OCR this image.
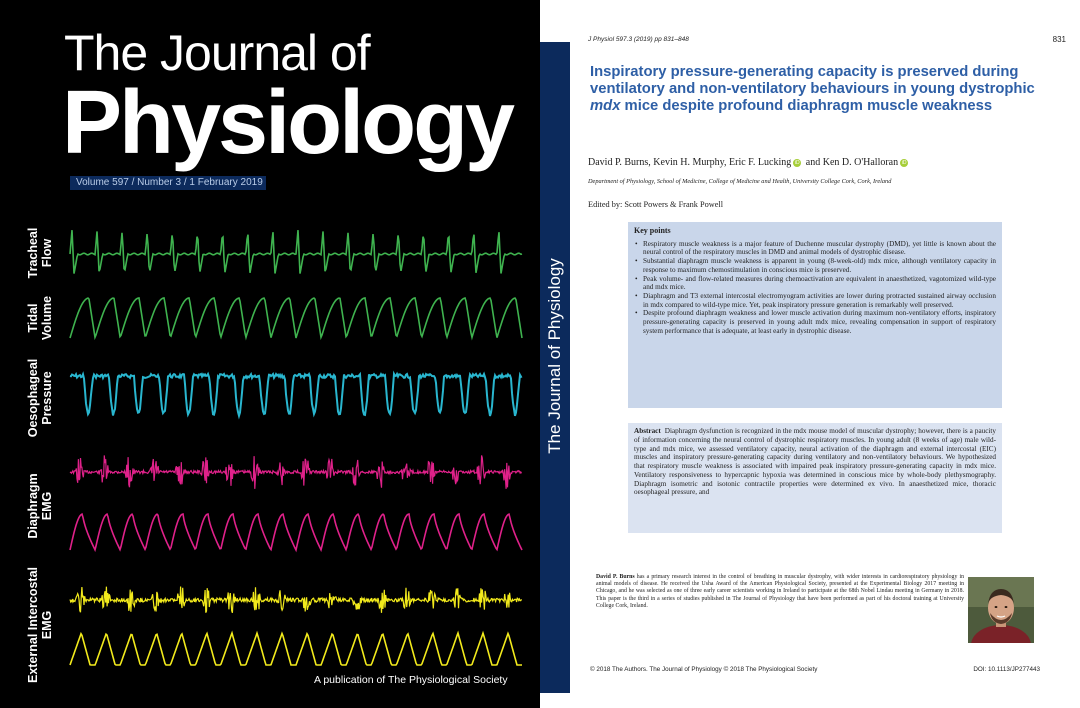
The Journal of
Physiology
Volume 597 / Number 3 / 1 February 2019
Tracheal Flow
Tidal Volume
Oesophageal Pressure
Diaphragm EMG
External Intercostal EMG
A publication of The Physiological Society
The Journal of Physiology
J Physiol 597.3 (2019) pp 831–848	831
Inspiratory pressure-generating capacity is preserved during ventilatory and non-ventilatory behaviours in young dystrophic mdx mice despite profound diaphragm muscle weakness
David P. Burns, Kevin H. Murphy, Eric F. Lucking iD and Ken D. O'Halloran iD
Department of Physiology, School of Medicine, College of Medicine and Health, University College Cork, Cork, Ireland
Edited by: Scott Powers & Frank Powell
Key points
• Respiratory muscle weakness is a major feature of Duchenne muscular dystrophy (DMD), yet little is known about the neural control of the respiratory muscles in DMD and animal models of dystrophic disease.
• Substantial diaphragm muscle weakness is apparent in young (8-week-old) mdx mice, although ventilatory capacity in response to maximum chemostimulation in conscious mice is preserved.
• Peak volume- and flow-related measures during chemoactivation are equivalent in anaesthetized, vagotomized wild-type and mdx mice.
• Diaphragm and T3 external intercostal electromyogram activities are lower during protracted sustained airway occlusion in mdx compared to wild-type mice. Yet, peak inspiratory pressure generation is remarkably well preserved.
• Despite profound diaphragm weakness and lower muscle activation during maximum non-ventilatory efforts, inspiratory pressure-generating capacity is preserved in young adult mdx mice, revealing compensation in support of respiratory system performance that is adequate, at least early in dystrophic disease.
Abstract Diaphragm dysfunction is recognized in the mdx mouse model of muscular dystrophy; however, there is a paucity of information concerning the neural control of dystrophic respiratory muscles. In young adult (8 weeks of age) male wild-type and mdx mice, we assessed ventilatory capacity, neural activation of the diaphragm and external intercostal (EIC) muscles and inspiratory pressure-generating capacity during ventilatory and non-ventilatory behaviours. We hypothesized that respiratory muscle weakness is associated with impaired peak inspiratory pressure-generating capacity in mdx mice. Ventilatory responsiveness to hypercapnic hypoxia was determined in conscious mice by whole-body plethysmography. Diaphragm isometric and isotonic contractile properties were determined ex vivo. In anaesthetized mice, thoracic oesophageal pressure, and
David P. Burns has a primary research interest in the control of breathing in muscular dystrophy, with wider interests in cardiorespiratory physiology in animal models of disease. He received the Usha Award of the American Physiological Society, presented at the Experimental Biology 2017 meeting in Chicago, and he was selected as one of three early career scientists working in Ireland to participate at the 68th Nobel Lindau meeting in Germany in 2018. This paper is the third in a series of studies published in The Journal of Physiology that have been performed as part of his doctoral training at University College Cork, Ireland.
© 2018 The Authors. The Journal of Physiology © 2018 The Physiological Society	DOI: 10.1113/JP277443
